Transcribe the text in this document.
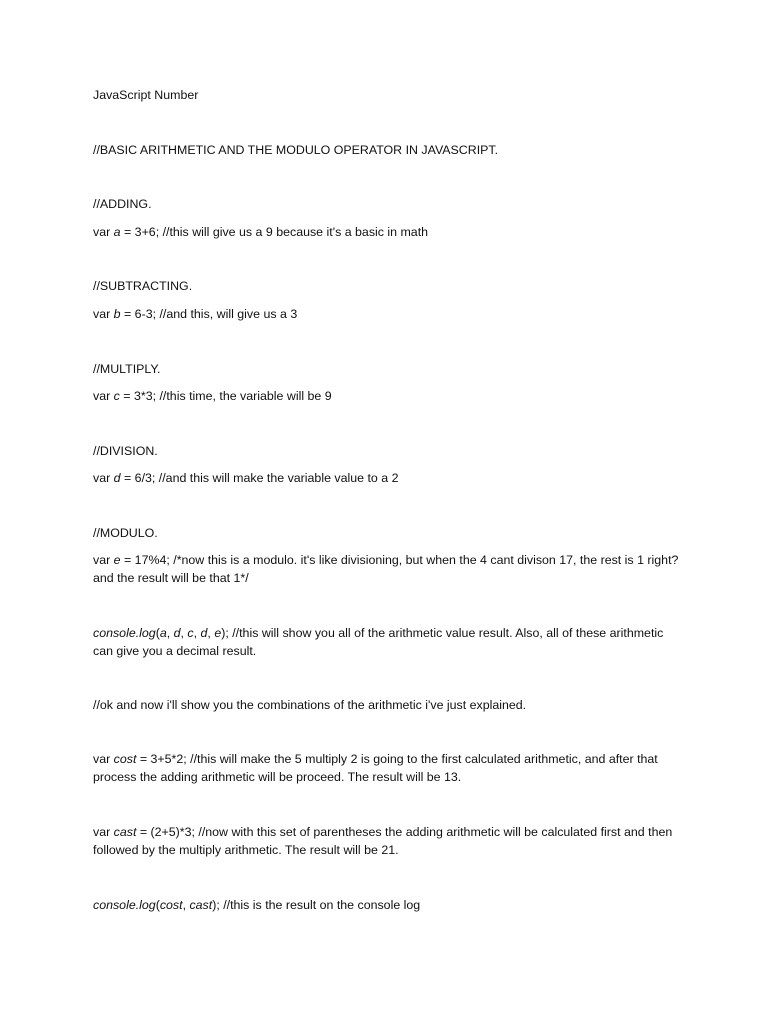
JavaScript Number
//BASIC ARITHMETIC AND THE MODULO OPERATOR IN JAVASCRIPT.
//ADDING.
var a = 3+6; //this will give us a 9 because it's a basic in math
//SUBTRACTING.
var b = 6-3; //and this, will give us a 3
//MULTIPLY.
var c = 3*3; //this time, the variable will be 9
//DIVISION.
var d = 6/3; //and this will make the variable value to a 2
//MODULO.
var e = 17%4; /*now this is a modulo. it's like divisioning, but when the 4 cant divison 17, the rest is 1 right? and the result will be that 1*/
console.log(a, d, c, d, e); //this will show you all of the arithmetic value result. Also, all of these arithmetic can give you a decimal result.
//ok and now i'll show you the combinations of the arithmetic i've just explained.
var cost = 3+5*2; //this will make the 5 multiply 2 is going to the first calculated arithmetic, and after that process the adding arithmetic will be proceed. The result will be 13.
var cast = (2+5)*3; //now with this set of parentheses the adding arithmetic will be calculated first and then followed by the multiply arithmetic. The result will be 21.
console.log(cost, cast); //this is the result on the console log
